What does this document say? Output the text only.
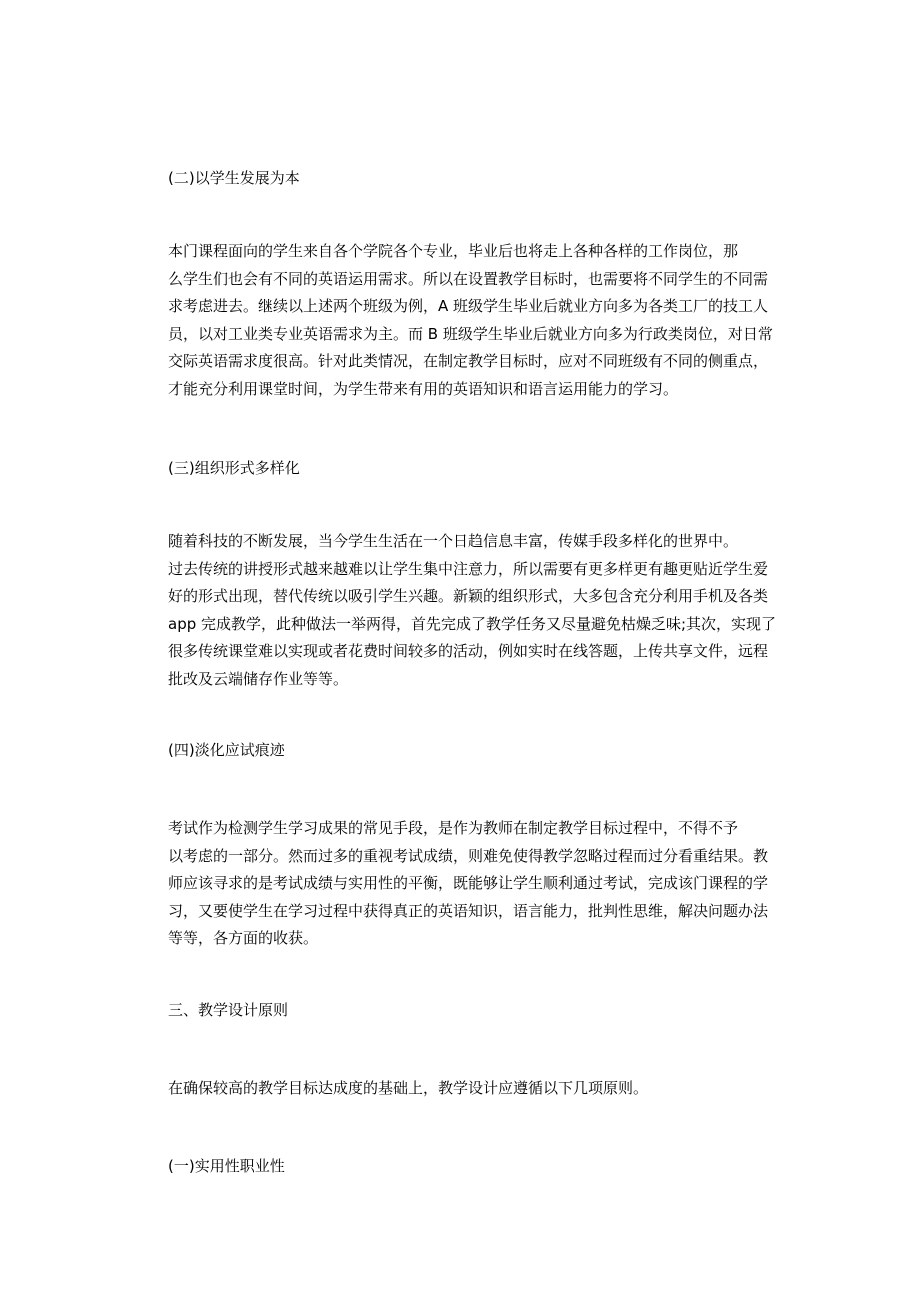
(二)以学生发展为本
本门课程面向的学生来自各个学院各个专业，毕业后也将走上各种各样的工作岗位，那
么学生们也会有不同的英语运用需求。所以在设置教学目标时，也需要将不同学生的不同需
求考虑进去。继续以上述两个班级为例，A 班级学生毕业后就业方向多为各类工厂的技工人
员，以对工业类专业英语需求为主。而 B 班级学生毕业后就业方向多为行政类岗位，对日常
交际英语需求度很高。针对此类情况，在制定教学目标时，应对不同班级有不同的侧重点，
才能充分利用课堂时间，为学生带来有用的英语知识和语言运用能力的学习。
(三)组织形式多样化
随着科技的不断发展，当今学生生活在一个日趋信息丰富，传媒手段多样化的世界中。
过去传统的讲授形式越来越难以让学生集中注意力，所以需要有更多样更有趣更贴近学生爱
好的形式出现，替代传统以吸引学生兴趣。新颖的组织形式，大多包含充分利用手机及各类
app 完成教学，此种做法一举两得，首先完成了教学任务又尽量避免枯燥乏味;其次，实现了
很多传统课堂难以实现或者花费时间较多的活动，例如实时在线答题，上传共享文件，远程
批改及云端储存作业等等。
(四)淡化应试痕迹
考试作为检测学生学习成果的常见手段，是作为教师在制定教学目标过程中，不得不予
以考虑的一部分。然而过多的重视考试成绩，则难免使得教学忽略过程而过分看重结果。教
师应该寻求的是考试成绩与实用性的平衡，既能够让学生顺利通过考试，完成该门课程的学
习，又要使学生在学习过程中获得真正的英语知识，语言能力，批判性思维，解决问题办法
等等，各方面的收获。
三、教学设计原则
在确保较高的教学目标达成度的基础上，教学设计应遵循以下几项原则。
(一)实用性职业性
